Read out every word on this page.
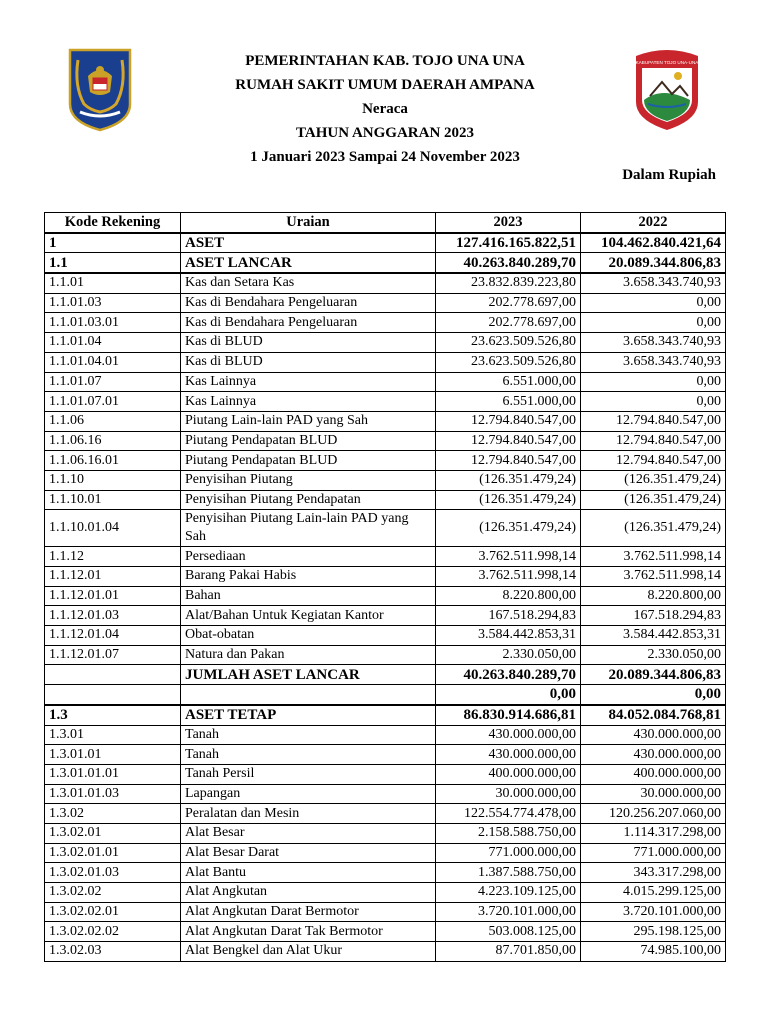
PEMERINTAHAN KAB. TOJO UNA UNA
RUMAH SAKIT UMUM DAERAH AMPANA
Neraca
TAHUN ANGGARAN 2023
1 Januari 2023 Sampai 24 November 2023
KABUPATEN TOJO UNA-UNA
Dalam Rupiah
Kode Rekening	Uraian	2023	2022
1	ASET	127.416.165.822,51	104.462.840.421,64
1.1	ASET LANCAR	40.263.840.289,70	20.089.344.806,83
1.1.01	Kas dan Setara Kas	23.832.839.223,80	3.658.343.740,93
1.1.01.03	Kas di Bendahara Pengeluaran	202.778.697,00	0,00
1.1.01.03.01	Kas di Bendahara Pengeluaran	202.778.697,00	0,00
1.1.01.04	Kas di BLUD	23.623.509.526,80	3.658.343.740,93
1.1.01.04.01	Kas di BLUD	23.623.509.526,80	3.658.343.740,93
1.1.01.07	Kas Lainnya	6.551.000,00	0,00
1.1.01.07.01	Kas Lainnya	6.551.000,00	0,00
1.1.06	Piutang Lain-lain PAD yang Sah	12.794.840.547,00	12.794.840.547,00
1.1.06.16	Piutang Pendapatan BLUD	12.794.840.547,00	12.794.840.547,00
1.1.06.16.01	Piutang Pendapatan BLUD	12.794.840.547,00	12.794.840.547,00
1.1.10	Penyisihan Piutang	(126.351.479,24)	(126.351.479,24)
1.1.10.01	Penyisihan Piutang Pendapatan	(126.351.479,24)	(126.351.479,24)
1.1.10.01.04	Penyisihan Piutang Lain-lain PAD yang Sah	(126.351.479,24)	(126.351.479,24)
1.1.12	Persediaan	3.762.511.998,14	3.762.511.998,14
1.1.12.01	Barang Pakai Habis	3.762.511.998,14	3.762.511.998,14
1.1.12.01.01	Bahan	8.220.800,00	8.220.800,00
1.1.12.01.03	Alat/Bahan Untuk Kegiatan Kantor	167.518.294,83	167.518.294,83
1.1.12.01.04	Obat-obatan	3.584.442.853,31	3.584.442.853,31
1.1.12.01.07	Natura dan Pakan	2.330.050,00	2.330.050,00
	JUMLAH ASET LANCAR	40.263.840.289,70	20.089.344.806,83
		0,00	0,00
1.3	ASET TETAP	86.830.914.686,81	84.052.084.768,81
1.3.01	Tanah	430.000.000,00	430.000.000,00
1.3.01.01	Tanah	430.000.000,00	430.000.000,00
1.3.01.01.01	Tanah Persil	400.000.000,00	400.000.000,00
1.3.01.01.03	Lapangan	30.000.000,00	30.000.000,00
1.3.02	Peralatan dan Mesin	122.554.774.478,00	120.256.207.060,00
1.3.02.01	Alat Besar	2.158.588.750,00	1.114.317.298,00
1.3.02.01.01	Alat Besar Darat	771.000.000,00	771.000.000,00
1.3.02.01.03	Alat Bantu	1.387.588.750,00	343.317.298,00
1.3.02.02	Alat Angkutan	4.223.109.125,00	4.015.299.125,00
1.3.02.02.01	Alat Angkutan Darat Bermotor	3.720.101.000,00	3.720.101.000,00
1.3.02.02.02	Alat Angkutan Darat Tak Bermotor	503.008.125,00	295.198.125,00
1.3.02.03	Alat Bengkel dan Alat Ukur	87.701.850,00	74.985.100,00
